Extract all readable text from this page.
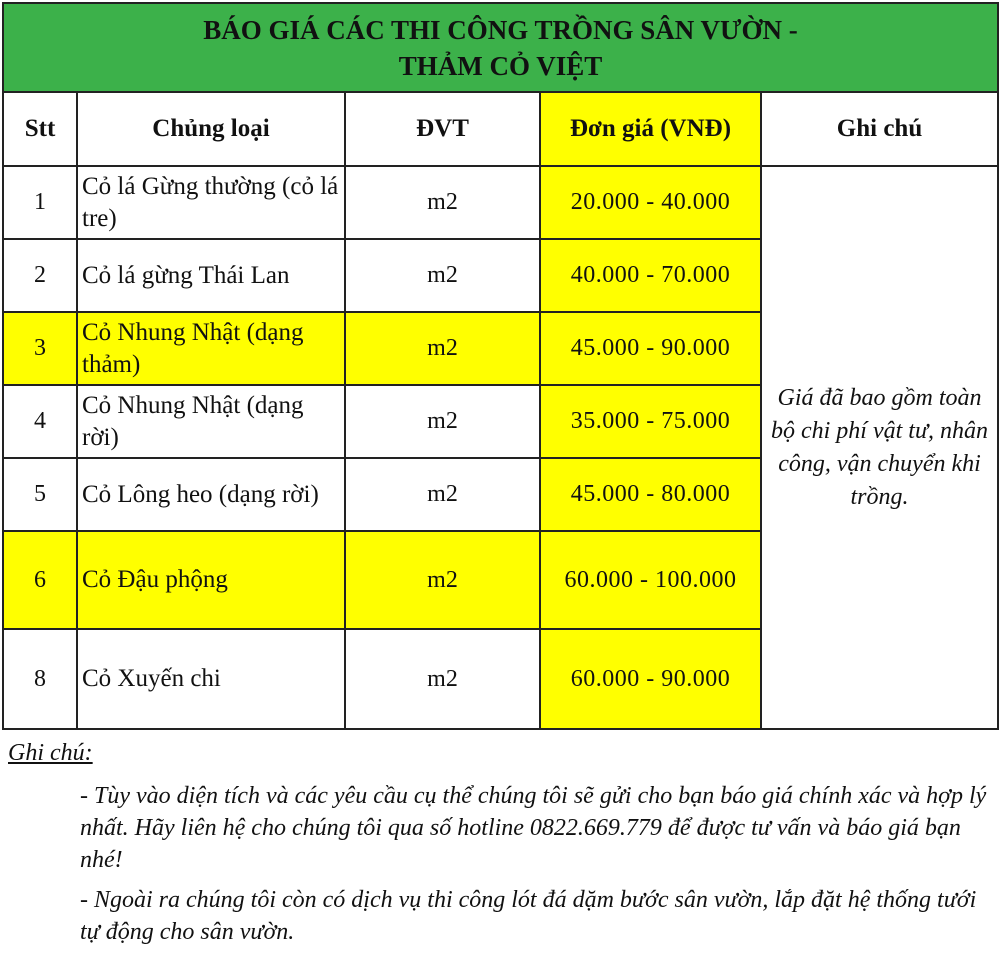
BÁO GIÁ CÁC THI CÔNG TRỒNG SÂN VƯỜN -
THẢM CỎ VIỆT				

Stt	Chủng loại	ĐVT	Đơn giá (VNĐ)	Ghi chú
1	Cỏ lá Gừng thường (cỏ lá tre)	m2	20.000 - 40.000	Giá đã bao gồm toàn bộ chi phí vật tư, nhân công, vận chuyển khi trồng.
2	Cỏ lá gừng Thái Lan	m2	40.000 - 70.000	
3	Cỏ Nhung Nhật (dạng thảm)	m2	45.000 - 90.000	
4	Cỏ Nhung Nhật (dạng rời)	m2	35.000 - 75.000	
5	Cỏ Lông heo (dạng rời)	m2	45.000 - 80.000	
6	Cỏ Đậu phộng	m2	60.000 - 100.000	
8	Cỏ Xuyến chi	m2	60.000 - 90.000	
Ghi chú:
- Tùy vào diện tích và các yêu cầu cụ thể chúng tôi sẽ gửi cho bạn báo giá chính xác và hợp lý nhất. Hãy liên hệ cho chúng tôi qua số hotline 0822.669.779 để được tư vấn và báo giá bạn nhé!
- Ngoài ra chúng tôi còn có dịch vụ thi công lót đá dặm bước sân vườn, lắp đặt hệ thống tưới tự động cho sân vườn.
